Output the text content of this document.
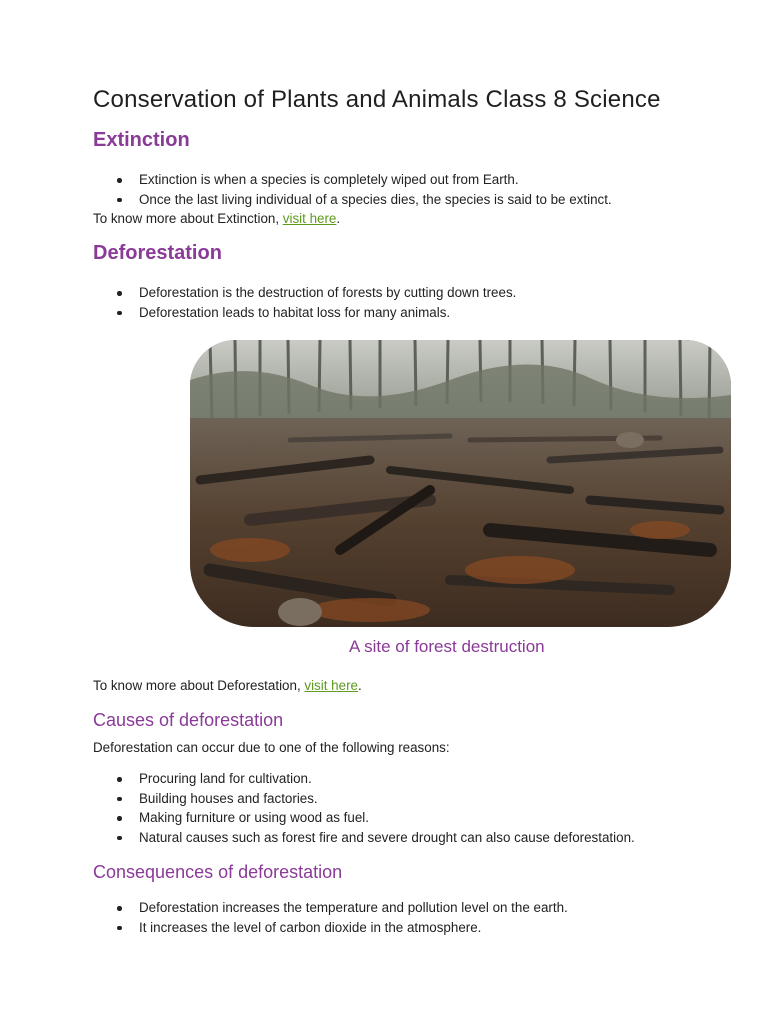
Conservation of Plants and Animals Class 8 Science
Extinction
Extinction is when a species is completely wiped out from Earth.
Once the last living individual of a species dies, the species is said to be extinct.

To know more about Extinction, visit here.

Deforestation
Deforestation is the destruction of forests by cutting down trees.
Deforestation leads to habitat loss for many animals.

A site of forest destruction

To know more about Deforestation, visit here.

Causes of deforestation

Deforestation can occur due to one of the following reasons:

Procuring land for cultivation.
Building houses and factories.
Making furniture or using wood as fuel.
Natural causes such as forest fire and severe drought can also cause deforestation.
Consequences of deforestation
Deforestation increases the temperature and pollution level on the earth.
It increases the level of carbon dioxide in the atmosphere.
